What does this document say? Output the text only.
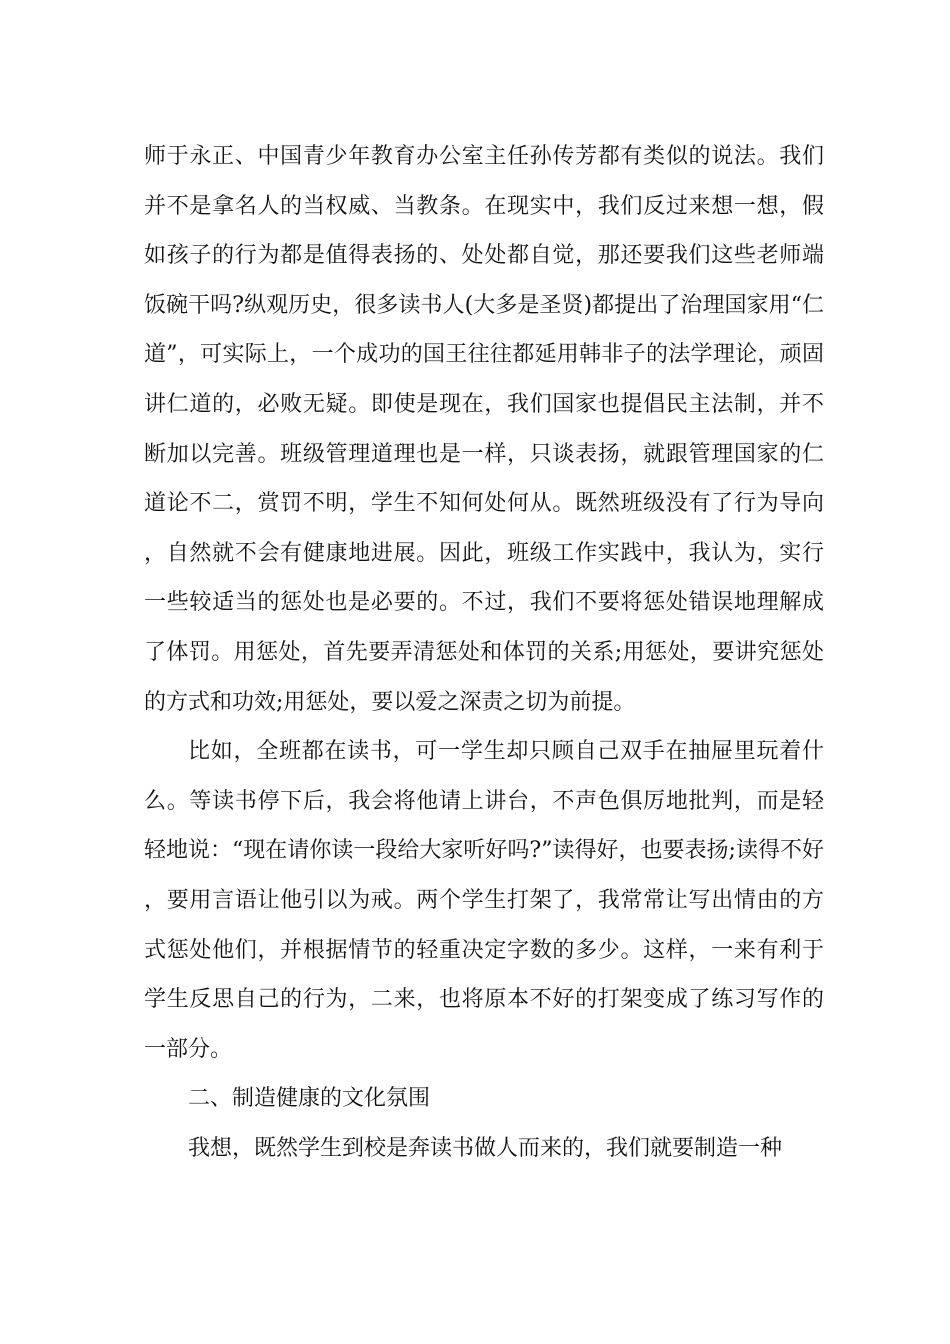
师于永正、中国青少年教育办公室主任孙传芳都有类似的说法。我们并不是拿名人的当权威、当教条。在现实中，我们反过来想一想，假如孩子的行为都是值得表扬的、处处都自觉，那还要我们这些老师端饭碗干吗?纵观历史，很多读书人(大多是圣贤)都提出了治理国家用“仁道”，可实际上，一个成功的国王往往都延用韩非子的法学理论，顽固讲仁道的，必败无疑。即使是现在，我们国家也提倡民主法制，并不断加以完善。班级管理道理也是一样，只谈表扬，就跟管理国家的仁道论不二，赏罚不明，学生不知何处何从。既然班级没有了行为导向，自然就不会有健康地进展。因此，班级工作实践中，我认为，实行一些较适当的惩处也是必要的。不过，我们不要将惩处错误地理解成了体罚。用惩处，首先要弄清惩处和体罚的关系;用惩处，要讲究惩处的方式和功效;用惩处，要以爱之深责之切为前提。

比如，全班都在读书，可一学生却只顾自己双手在抽屉里玩着什么。等读书停下后，我会将他请上讲台，不声色俱厉地批判，而是轻轻地说：“现在请你读一段给大家听好吗?”读得好，也要表扬;读得不好，要用言语让他引以为戒。两个学生打架了，我常常让写出情由的方式惩处他们，并根据情节的轻重决定字数的多少。这样，一来有利于学生反思自己的行为，二来，也将原本不好的打架变成了练习写作的一部分。

二、制造健康的文化氛围

我想，既然学生到校是奔读书做人而来的，我们就要制造一种
